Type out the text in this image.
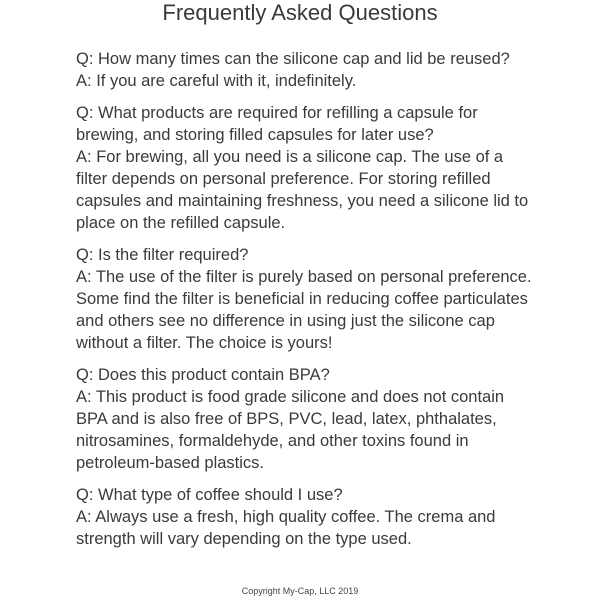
Frequently Asked Questions
Q: How many times can the silicone cap and lid be reused?
A: If you are careful with it, indefinitely.
Q: What products are required for refilling a capsule for brewing, and storing filled capsules for later use?
A: For brewing, all you need is a silicone cap. The use of a filter depends on personal preference. For storing refilled capsules and maintaining freshness, you need a silicone lid to place on the refilled capsule.
Q: Is the filter required?
A: The use of the filter is purely based on personal preference. Some find the filter is beneficial in reducing coffee particulates and others see no difference in using just the silicone cap without a filter. The choice is yours!
Q: Does this product contain BPA?
A: This product is food grade silicone and does not contain BPA and is also free of BPS, PVC, lead, latex, phthalates, nitrosamines, formaldehyde, and other toxins found in petroleum-based plastics.
Q: What type of coffee should I use?
A: Always use a fresh, high quality coffee. The crema and strength will vary depending on the type used.
Copyright My-Cap, LLC 2019
